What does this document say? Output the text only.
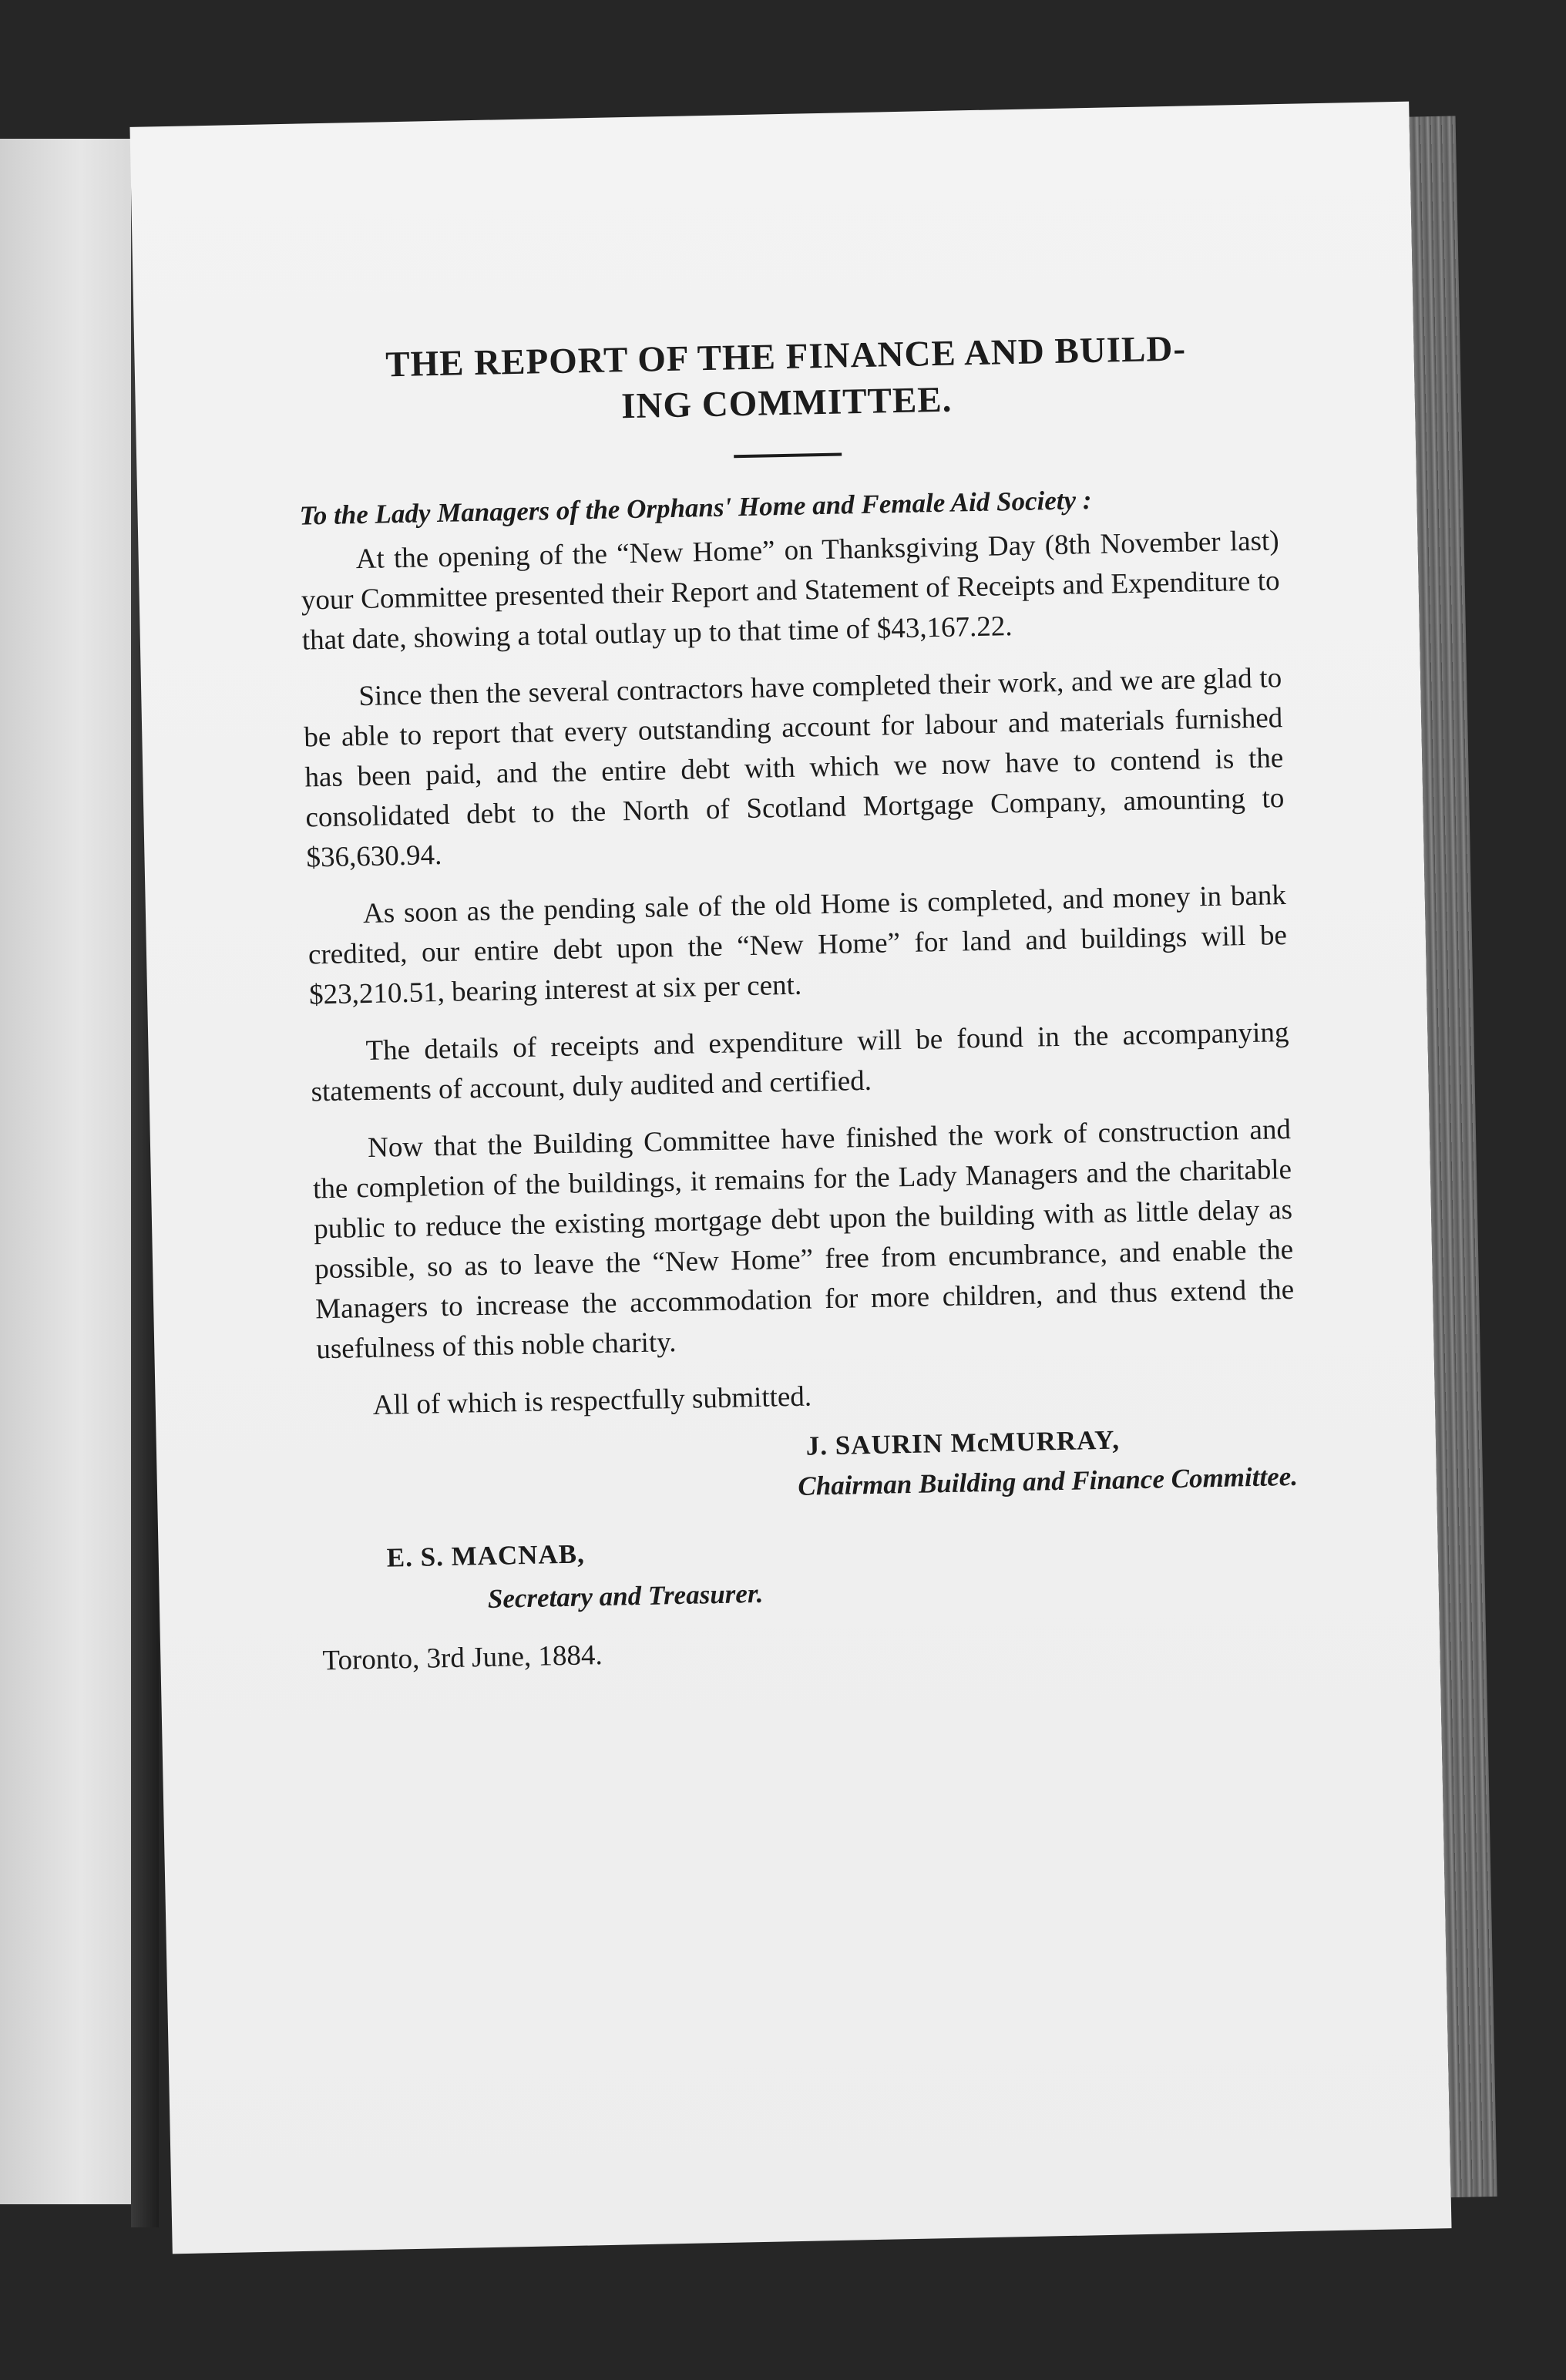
THE REPORT OF THE FINANCE AND BUILD-
ING COMMITTEE.

To the Lady Managers of the Orphans' Home and Female Aid Society :

At the opening of the “New Home” on Thanksgiving Day (8th November last) your Committee presented their Report and Statement of Receipts and Expenditure to that date, showing a total outlay up to that time of $43,167.22.

Since then the several contractors have completed their work, and we are glad to be able to report that every outstanding account for labour and materials furnished has been paid, and the entire debt with which we now have to contend is the consolidated debt to the North of Scotland Mortgage Company, amounting to $36,630.94.

As soon as the pending sale of the old Home is completed, and money in bank credited, our entire debt upon the “New Home” for land and buildings will be $23,210.51, bearing interest at six per cent.

The details of receipts and expenditure will be found in the accompanying statements of account, duly audited and certified.

Now that the Building Committee have finished the work of construction and the completion of the buildings, it remains for the Lady Managers and the charitable public to reduce the existing mortgage debt upon the building with as little delay as possible, so as to leave the “New Home” free from encumbrance, and enable the Managers to increase the accommodation for more children, and thus extend the usefulness of this noble charity.

All of which is respectfully submitted.

J. SAURIN McMURRAY,
Chairman Building and Finance Committee.

E. S. MACNAB,
Secretary and Treasurer.

Toronto, 3rd June, 1884.
